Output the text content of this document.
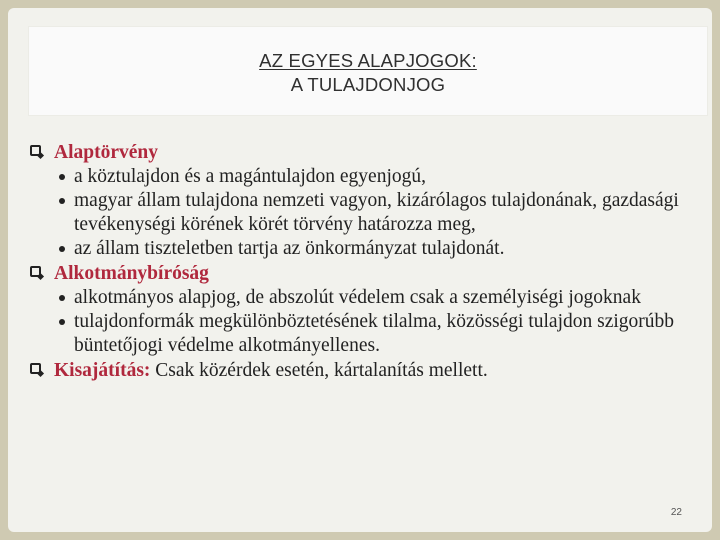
AZ EGYES ALAPJOGOK:
A TULAJDONJOG
Alaptörvény
a köztulajdon és a magántulajdon egyenjogú,
magyar állam tulajdona nemzeti vagyon, kizárólagos tulajdonának, gazdasági tevékenységi körének körét törvény határozza meg,
az állam tiszteletben tartja az önkormányzat tulajdonát.
Alkotmánybíróság
alkotmányos alapjog, de abszolút védelem csak a személyiségi jogoknak
tulajdonformák megkülönböztetésének tilalma, közösségi tulajdon szigorúbb büntetőjogi védelme alkotmányellenes.
Kisajátítás: Csak közérdek esetén, kártalanítás mellett.
22
